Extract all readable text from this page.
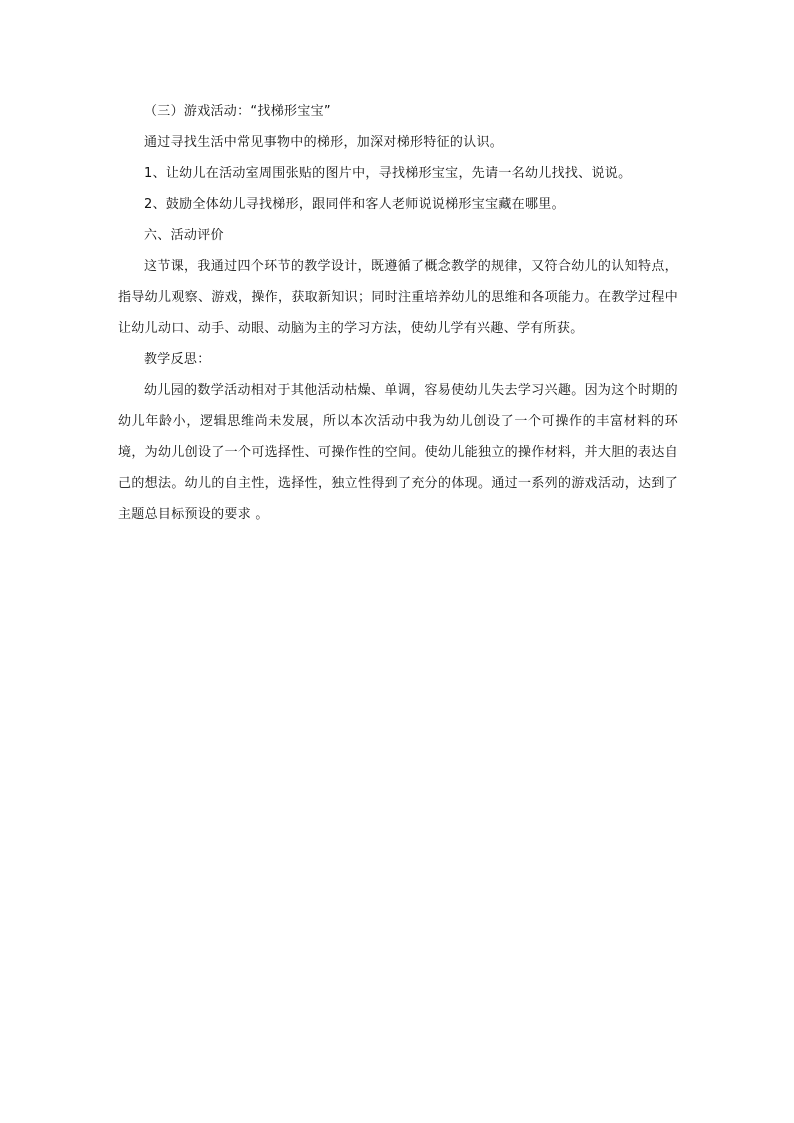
（三）游戏活动：“找梯形宝宝”

通过寻找生活中常见事物中的梯形，加深对梯形特征的认识。

1、让幼儿在活动室周围张贴的图片中，寻找梯形宝宝，先请一名幼儿找找、说说。

2、鼓励全体幼儿寻找梯形，跟同伴和客人老师说说梯形宝宝藏在哪里。

六、活动评价

这节课，我通过四个环节的教学设计，既遵循了概念教学的规律，又符合幼儿的认知特点，指导幼儿观察、游戏，操作，获取新知识；同时注重培养幼儿的思维和各项能力。在教学过程中让幼儿动口、动手、动眼、动脑为主的学习方法，使幼儿学有兴趣、学有所获。

教学反思：

幼儿园的数学活动相对于其他活动枯燥、单调，容易使幼儿失去学习兴趣。因为这个时期的幼儿年龄小，逻辑思维尚未发展，所以本次活动中我为幼儿创设了一个可操作的丰富材料的环境，为幼儿创设了一个可选择性、可操作性的空间。使幼儿能独立的操作材料，并大胆的表达自己的想法。幼儿的自主性，选择性，独立性得到了充分的体现。通过一系列的游戏活动，达到了主题总目标预设的要求 。
